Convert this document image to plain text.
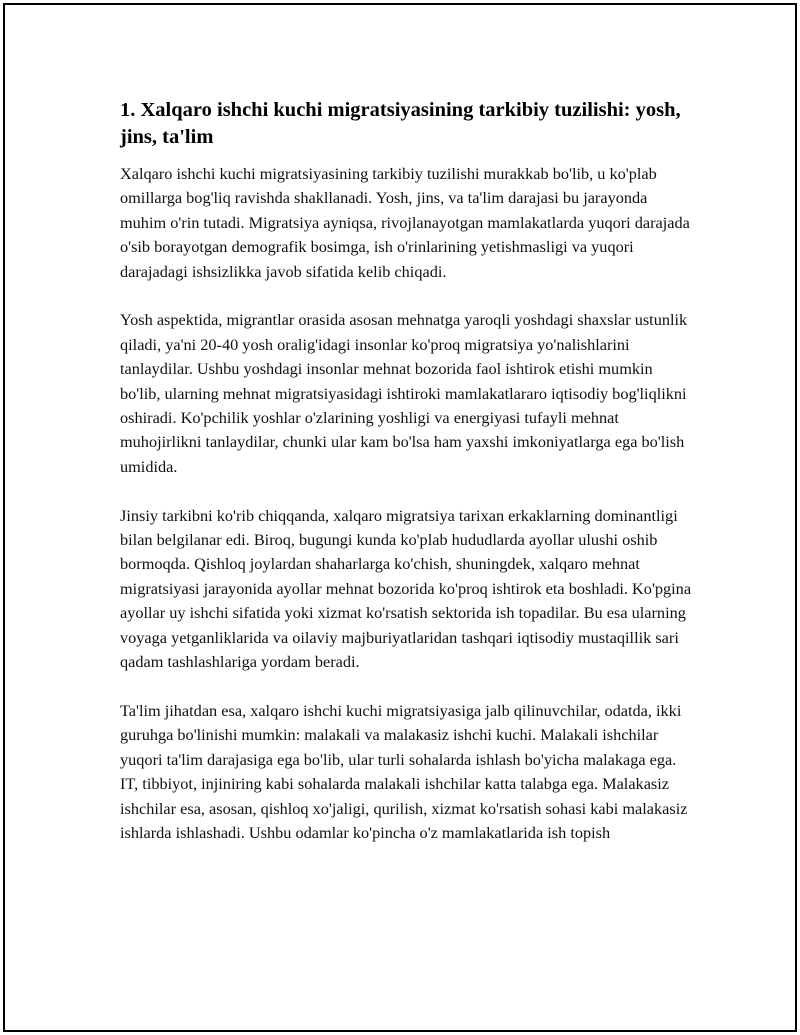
1. Xalqaro ishchi kuchi migratsiyasining tarkibiy tuzilishi: yosh, jins, ta'lim

Xalqaro ishchi kuchi migratsiyasining tarkibiy tuzilishi murakkab bo'lib, u ko'plab omillarga bog'liq ravishda shakllanadi. Yosh, jins, va ta'lim darajasi bu jarayonda muhim o'rin tutadi. Migratsiya ayniqsa, rivojlanayotgan mamlakatlarda yuqori darajada o'sib borayotgan demografik bosimga, ish o'rinlarining yetishmasligi va yuqori darajadagi ishsizlikka javob sifatida kelib chiqadi.

Yosh aspektida, migrantlar orasida asosan mehnatga yaroqli yoshdagi shaxslar ustunlik qiladi, ya'ni 20-40 yosh oralig'idagi insonlar ko'proq migratsiya yo'nalishlarini tanlaydilar. Ushbu yoshdagi insonlar mehnat bozorida faol ishtirok etishi mumkin bo'lib, ularning mehnat migratsiyasidagi ishtiroki mamlakatlararo iqtisodiy bog'liqlikni oshiradi. Ko'pchilik yoshlar o'zlarining yoshligi va energiyasi tufayli mehnat muhojirlikni tanlaydilar, chunki ular kam bo'lsa ham yaxshi imkoniyatlarga ega bo'lish umidida.

Jinsiy tarkibni ko'rib chiqqanda, xalqaro migratsiya tarixan erkaklarning dominantligi bilan belgilanar edi. Biroq, bugungi kunda ko'plab hududlarda ayollar ulushi oshib bormoqda. Qishloq joylardan shaharlarga ko'chish, shuningdek, xalqaro mehnat migratsiyasi jarayonida ayollar mehnat bozorida ko'proq ishtirok eta boshladi. Ko'pgina ayollar uy ishchi sifatida yoki xizmat ko'rsatish sektorida ish topadilar. Bu esa ularning voyaga yetganliklarida va oilaviy majburiyatlaridan tashqari iqtisodiy mustaqillik sari qadam tashlashlariga yordam beradi.

Ta'lim jihatdan esa, xalqaro ishchi kuchi migratsiyasiga jalb qilinuvchilar, odatda, ikki guruhga bo'linishi mumkin: malakali va malakasiz ishchi kuchi. Malakali ishchilar yuqori ta'lim darajasiga ega bo'lib, ular turli sohalarda ishlash bo'yicha malakaga ega. IT, tibbiyot, injiniring kabi sohalarda malakali ishchilar katta talabga ega. Malakasiz ishchilar esa, asosan, qishloq xo'jaligi, qurilish, xizmat ko'rsatish sohasi kabi malakasiz ishlarda ishlashadi. Ushbu odamlar ko'pincha o'z mamlakatlarida ish topish
